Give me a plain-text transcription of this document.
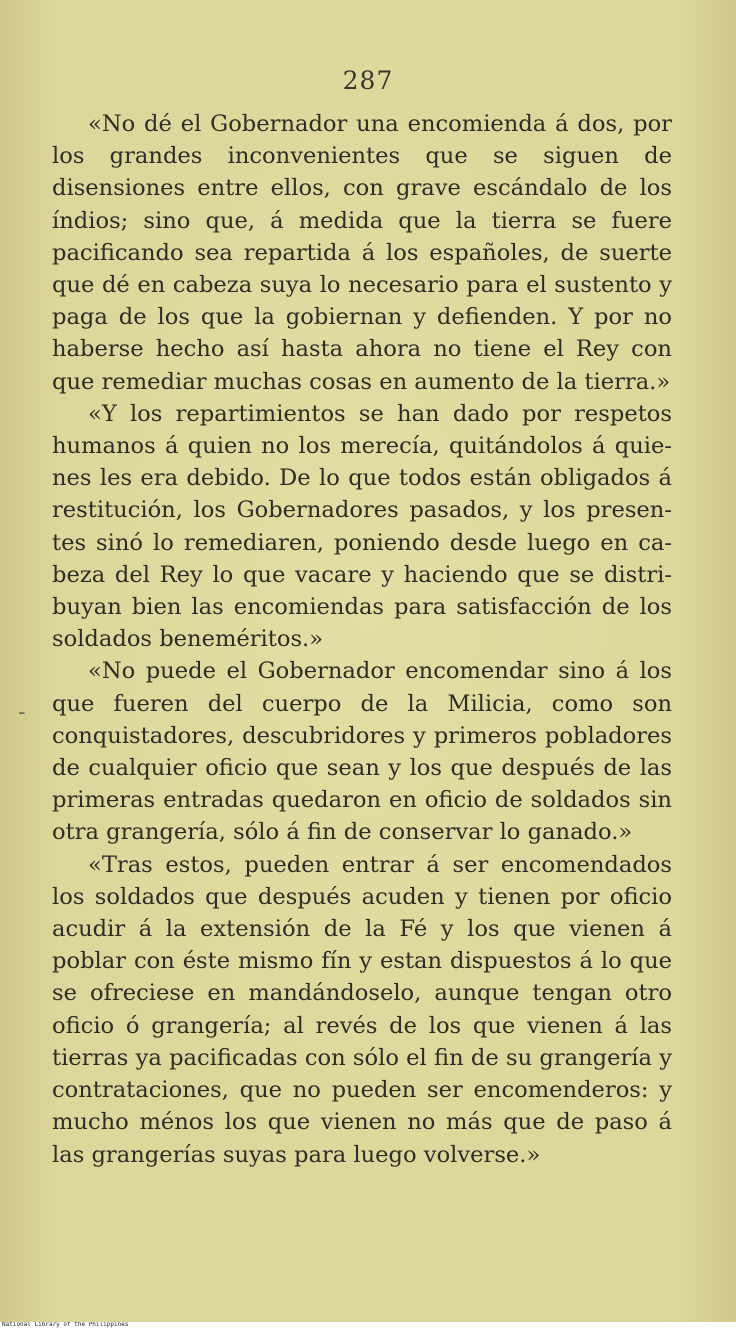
287
-

«No dé el Gobernador una encomienda á dos, por los grandes inconvenientes que se siguen de disensiones entre ellos, con grave escándalo de los índios; sino que, á medida que la tierra se fuere pacificando sea repartida á los españoles, de suerte que dé en cabeza suya lo necesario para el sustento y paga de los que la gobiernan y defienden. Y por no haberse hecho así hasta ahora no tiene el Rey con que remediar muchas cosas en aumento de la tierra.»

«Y los repartimientos se han dado por respetos humanos á quien no los merecía, quitándolos á quienes les era debido. De lo que todos están obligados á restitución, los Gobernadores pasados, y los presentes sinó lo remediaren, poniendo desde luego en cabeza del Rey lo que vacare y haciendo que se distribuyan bien las encomiendas para satisfacción de los soldados beneméritos.»

«No puede el Gobernador encomendar sino á los que fueren del cuerpo de la Milicia, como son conquistadores, descubridores y primeros pobladores de cualquier oficio que sean y los que después de las primeras entradas quedaron en oficio de soldados sin otra grangería, sólo á fin de conservar lo ganado.»

«Tras estos, pueden entrar á ser encomendados los soldados que después acuden y tienen por oficio acudir á la extensión de la Fé y los que vienen á poblar con éste mismo fín y estan dispuestos á lo que se ofreciese en mandándoselo, aunque tengan otro oficio ó grangería; al revés de los que vienen á las tierras ya pacificadas con sólo el fin de su grangería y contrataciones, que no pueden ser encomenderos: y mucho ménos los que vienen no más que de paso á las grangerías suyas para luego volverse.»

National Library of the Philippines
